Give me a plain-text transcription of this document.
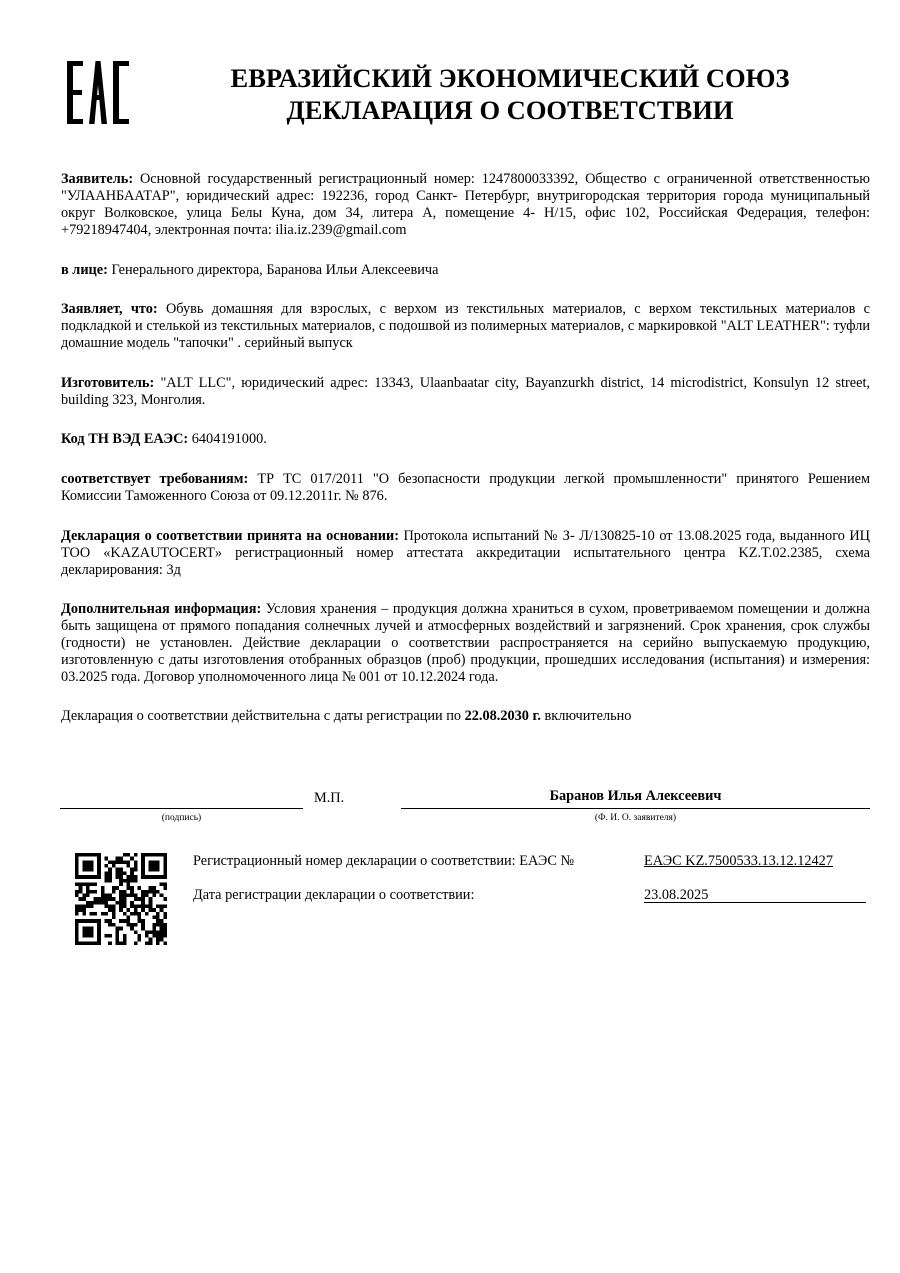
ЕВРАЗИЙСКИЙ ЭКОНОМИЧЕСКИЙ СОЮЗ
ДЕКЛАРАЦИЯ О СООТВЕТСТВИИ
Заявитель: Основной государственный регистрационный номер: 1247800033392, Общество с ограниченной ответственностью "УЛААНБААТАР", юридический адрес: 192236, город Санкт- Петербург, внутригородская территория города муниципальный округ Волковское, улица Белы Куна, дом 34, литера А, помещение 4- Н/15, офис 102, Российская Федерация, телефон: +79218947404, электронная почта: ilia.iz.239@gmail.com
в лице: Генерального директора, Баранова Ильи Алексеевича
Заявляет, что: Обувь домашняя для взрослых, с верхом из текстильных материалов, с верхом текстильных материалов с подкладкой и стелькой из текстильных материалов, с подошвой из полимерных материалов, с маркировкой "ALT LEATHER": туфли домашние модель "тапочки" . серийный выпуск
Изготовитель: "ALT LLC", юридический адрес: 13343, Ulaanbaatar city, Bayanzurkh district, 14 microdistrict, Konsulyn 12 street, building 323, Монголия.
Код ТН ВЭД ЕАЭС: 6404191000.
соответствует требованиям: ТР ТС 017/2011 "О безопасности продукции легкой промышленности" принятого Решением Комиссии Таможенного Союза от 09.12.2011г. № 876.
Декларация о соответствии принята на основании: Протокола испытаний № З- Л/130825-10 от 13.08.2025 года, выданного ИЦ ТОО «KAZAUTOCERT» регистрационный номер аттестата аккредитации испытательного центра KZ.T.02.2385, схема декларирования: 3д
Дополнительная информация: Условия хранения – продукция должна храниться в сухом, проветриваемом помещении и должна быть защищена от прямого попадания солнечных лучей и атмосферных воздействий и загрязнений. Срок хранения, срок службы (годности) не установлен. Действие декларации о соответствии распространяется на серийно выпускаемую продукцию, изготовленную с даты изготовления отобранных образцов (проб) продукции, прошедших исследования (испытания) и измерения: 03.2025 года. Договор уполномоченного лица № 001 от 10.12.2024 года.
Декларация о соответствии действительна с даты регистрации по 22.08.2030 г. включительно
М.П.	Баранов Илья Алексеевич
(подпись)	(Ф. И. О. заявителя)
Регистрационный номер декларации о соответствии: ЕАЭС №	ЕАЭС KZ.7500533.13.12.12427
Дата регистрации декларации о соответствии:	23.08.2025
